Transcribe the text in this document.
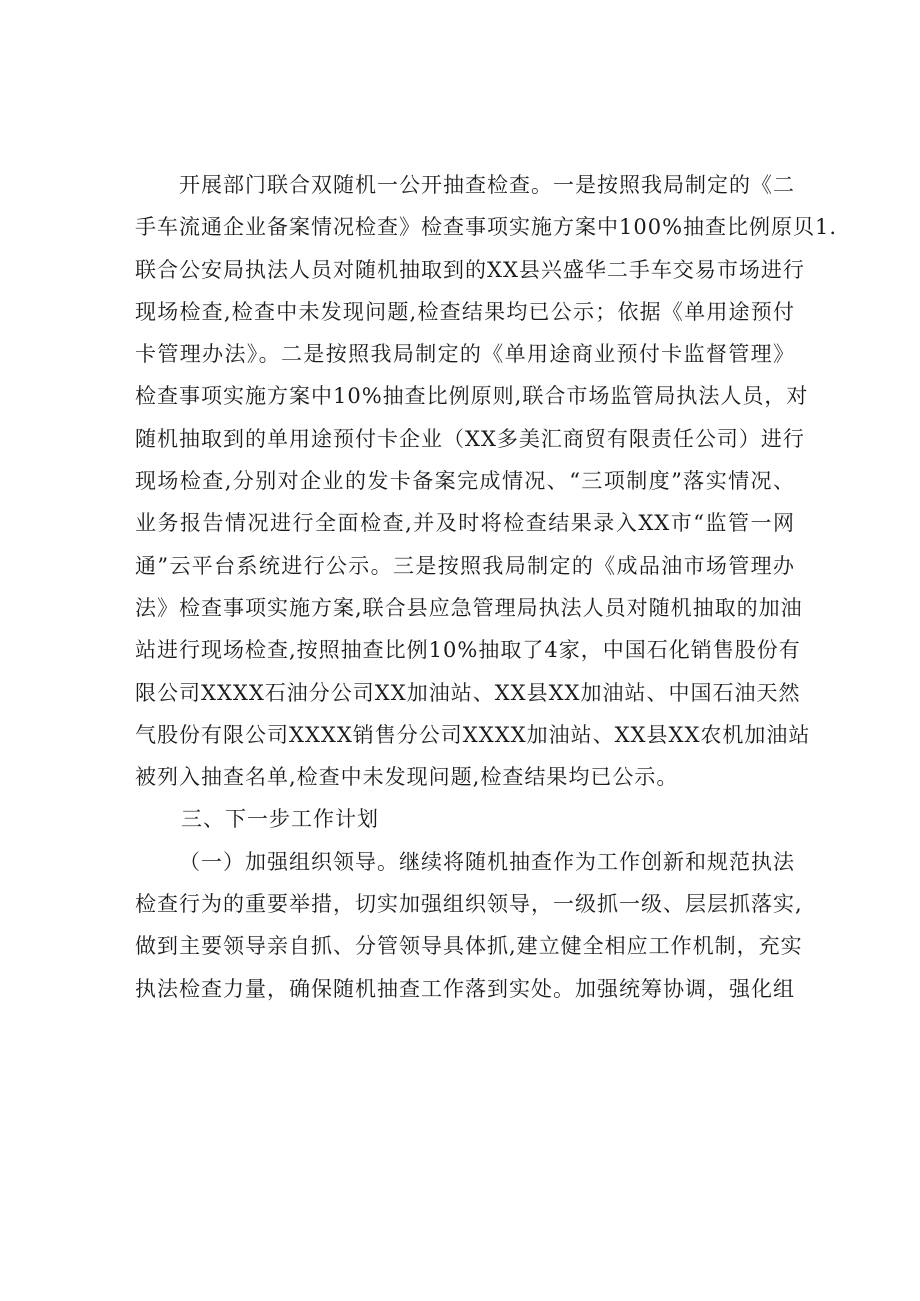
开展部门联合双随机一公开抽查检查。一是按照我局制定的《二
手车流通企业备案情况检查》检查事项实施方案中100%抽查比例原贝1.
联合公安局执法人员对随机抽取到的XX县兴盛华二手车交易市场进行
现场检查,检查中未发现问题,检查结果均已公示；依据《单用途预付
卡管理办法》。二是按照我局制定的《单用途商业预付卡监督管理》
检查事项实施方案中10%抽查比例原则,联合市场监管局执法人员，对
随机抽取到的单用途预付卡企业（XX多美汇商贸有限责任公司）进行
现场检查,分别对企业的发卡备案完成情况、“三项制度”落实情况、
业务报告情况进行全面检查,并及时将检查结果录入XX市“监管一网
通”云平台系统进行公示。三是按照我局制定的《成品油市场管理办
法》检查事项实施方案,联合县应急管理局执法人员对随机抽取的加油
站进行现场检查,按照抽查比例10%抽取了4家，中国石化销售股份有
限公司XXXX石油分公司XX加油站、XX县XX加油站、中国石油天然
气股份有限公司XXXX销售分公司XXXX加油站、XX县XX农机加油站
被列入抽查名单,检查中未发现问题,检查结果均已公示。
三、下一步工作计划
（一）加强组织领导。继续将随机抽查作为工作创新和规范执法
检查行为的重要举措，切实加强组织领导，一级抓一级、层层抓落实,
做到主要领导亲自抓、分管领导具体抓,建立健全相应工作机制，充实
执法检查力量，确保随机抽查工作落到实处。加强统筹协调，强化组
